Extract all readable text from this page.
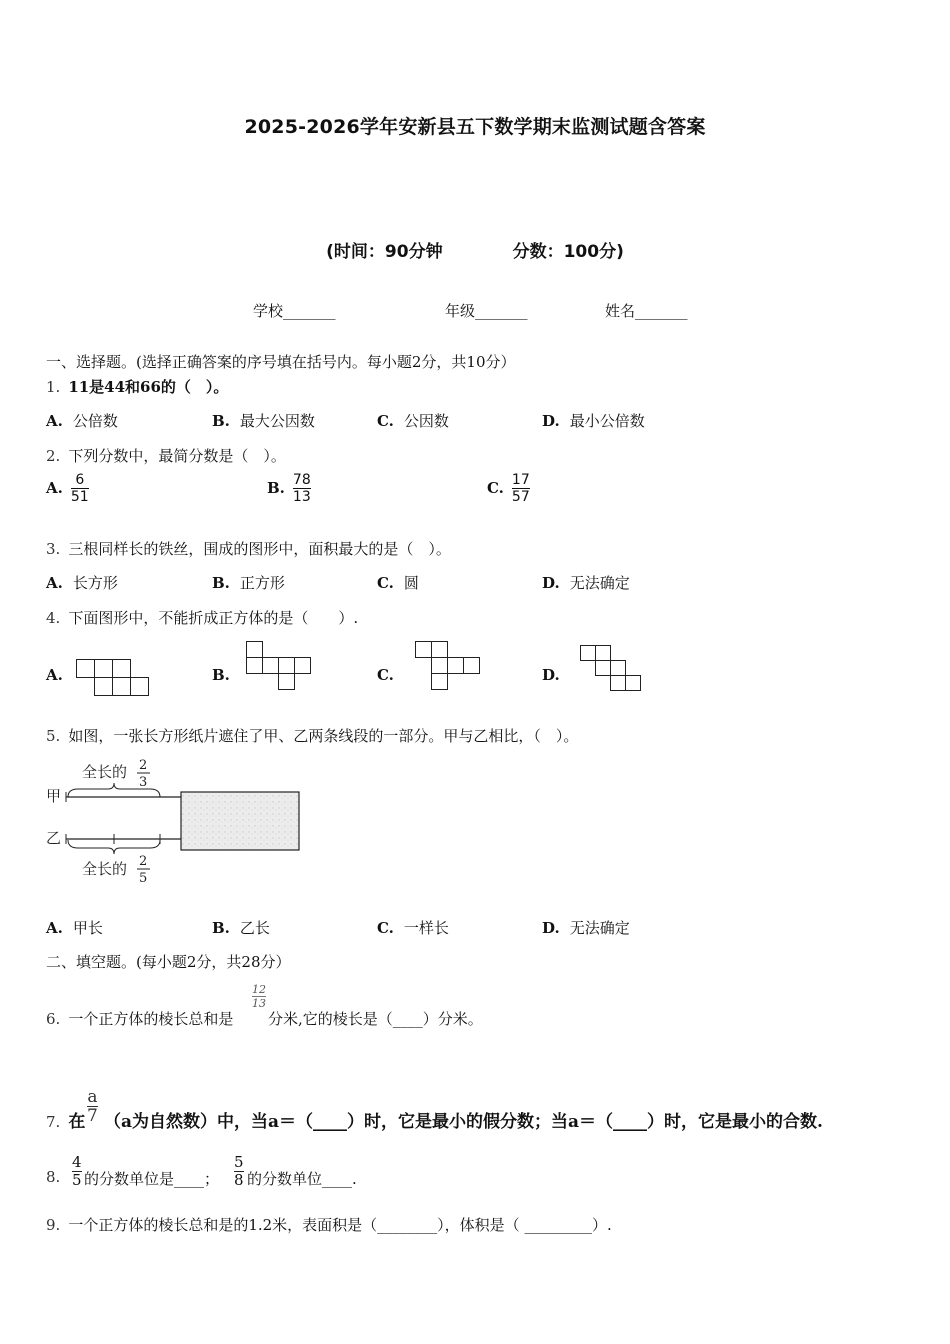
2025-2026学年安新县五下数学期末监测试题含答案
(时间：90分钟	分数：100分)
学校_______	年级_______	姓名_______
一、选择题。(选择正确答案的序号填在括号内。每小题2分，共10分）
1. 11是44和66的（　）。
A. 公倍数	B. 最大公因数	C. 公因数	D. 最小公倍数
2. 下列分数中，最简分数是（　）。
A. $\frac{6}{51}$	B. $\frac{78}{13}$	C. $\frac{17}{57}$
3. 三根同样长的铁丝，围成的图形中，面积最大的是（　）。
A. 长方形	B. 正方形	C. 圆	D. 无法确定
4. 下面图形中，不能折成正方体的是（　　）.
A.	B.	C.	D.
5. 如图，一张长方形纸片遮住了甲、乙两条线段的一部分。甲与乙相比，（　）。
全长的 2
3
甲
乙
全长的 2
5
A. 甲长	B. 乙长	C. 一样长	D. 无法确定
二、填空题。(每小题2分，共28分）
6. 一个正方体的棱长总和是
12
13
分米,它的棱长是（____）分米。
7. 在
a
7 （a为自然数）中，当a＝（____）时，它是最小的假分数；当a＝（____）时，它是最小的合数.
8.
4
5 的分数单位是____；
5
8 的分数单位____.
9. 一个正方体的棱长总和是的1.2米，表面积是（________），体积是（ _________）.
